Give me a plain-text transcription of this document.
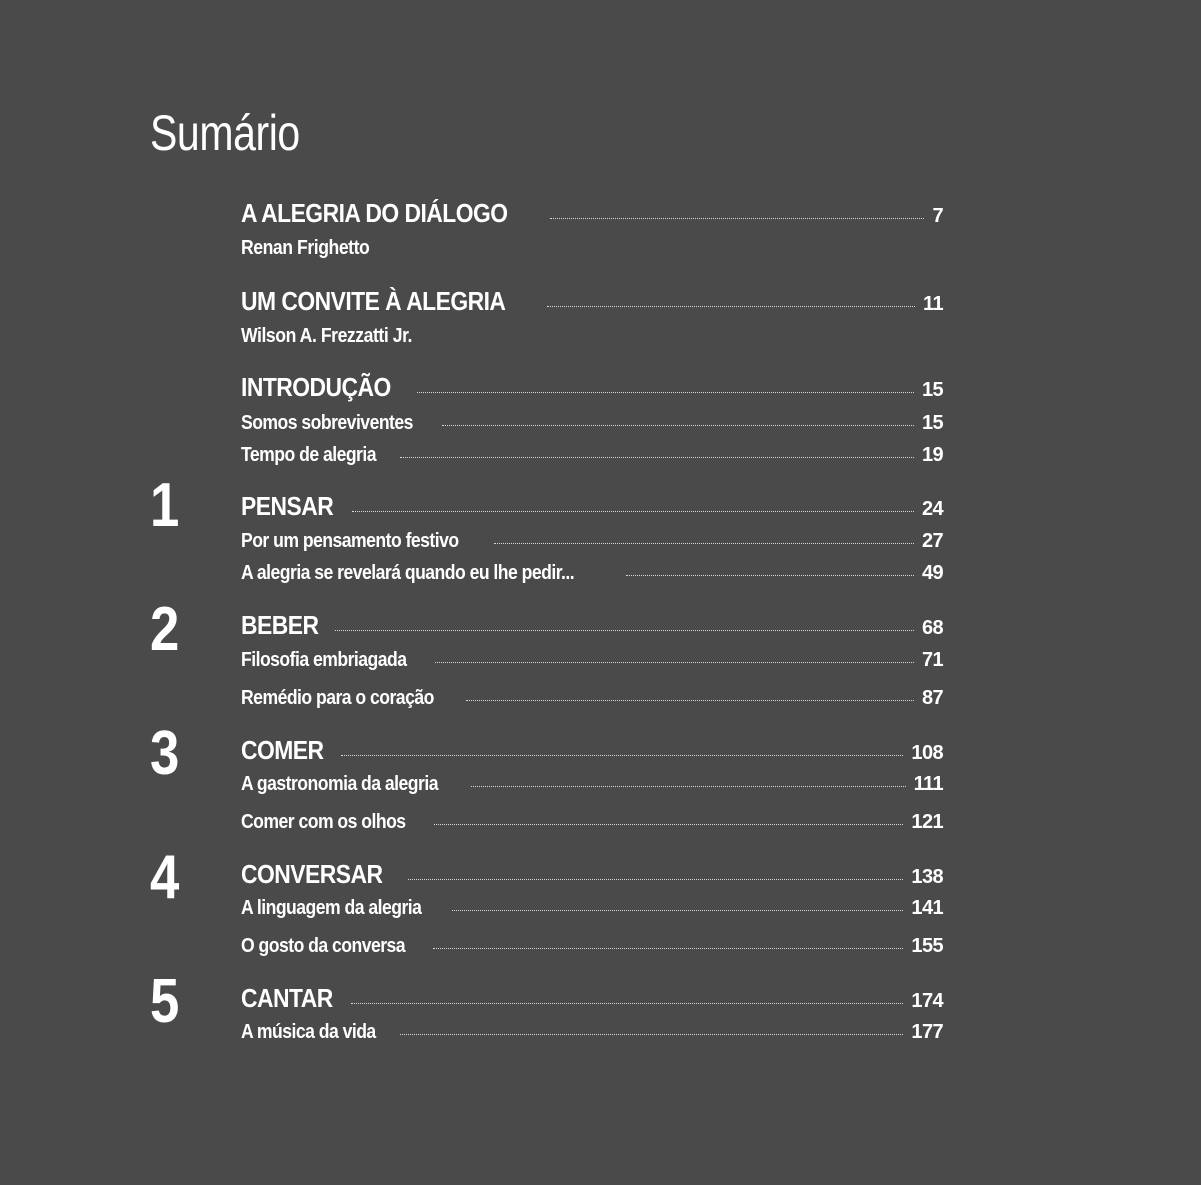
Sumário
A ALEGRIA DO DIÁLOGO	7
Renan Frighetto
UM CONVITE À ALEGRIA	11
Wilson A. Frezzatti Jr.
INTRODUÇÃO	15
Somos sobreviventes	15
Tempo de alegria	19
1 PENSAR	24
Por um pensamento festivo	27
A alegria se revelará quando eu lhe pedir...	49
2 BEBER	68
Filosofia embriagada	71
Remédio para o coração	87
3 COMER	108
A gastronomia da alegria	111
Comer com os olhos	121
4 CONVERSAR	138
A linguagem da alegria	141
O gosto da conversa	155
5 CANTAR	174
A música da vida	177
